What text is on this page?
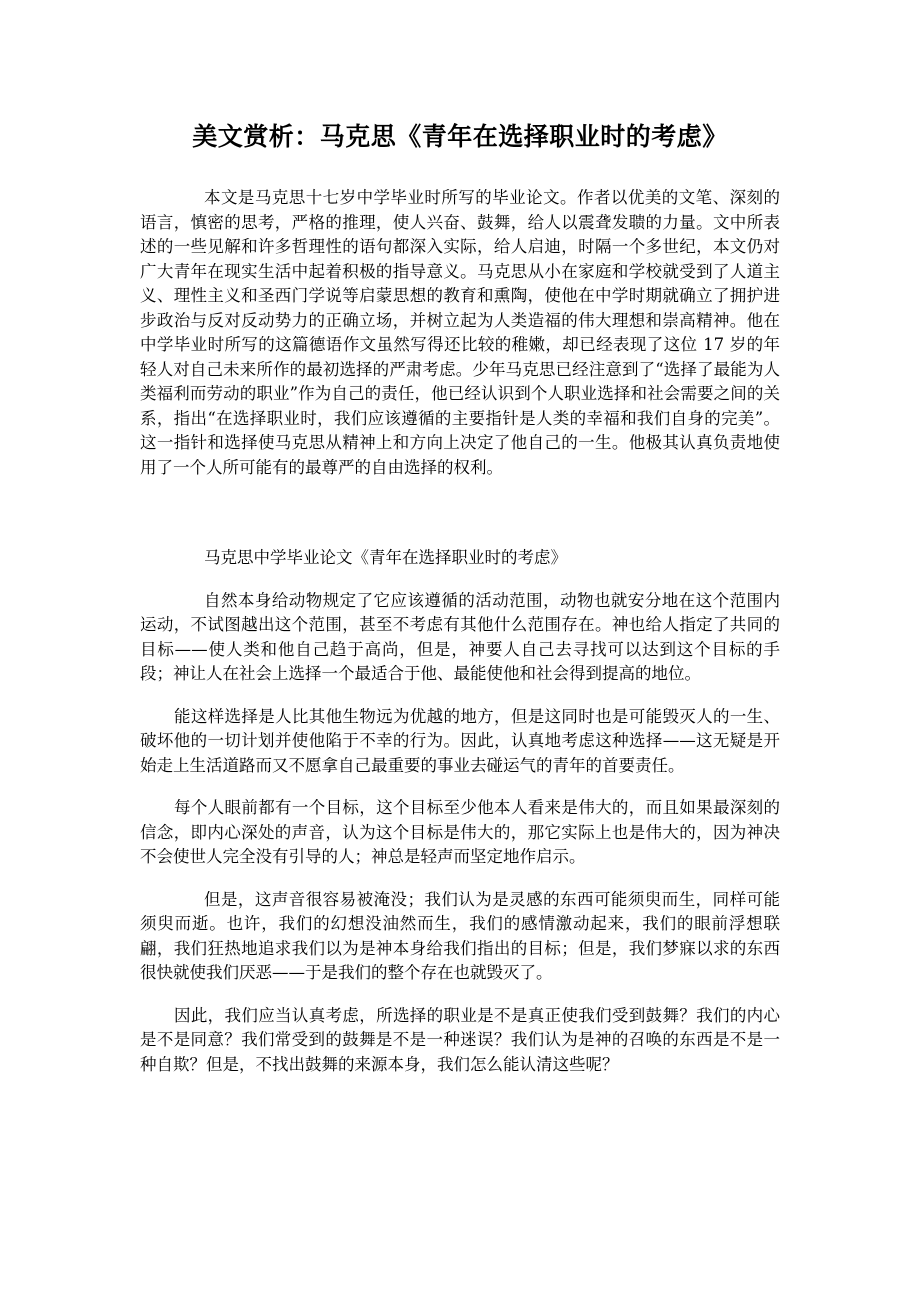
美文赏析：马克思《青年在选择职业时的考虑》

本文是马克思十七岁中学毕业时所写的毕业论文。作者以优美的文笔、深刻的语言，慎密的思考，严格的推理，使人兴奋、鼓舞，给人以震聋发聩的力量。文中所表述的一些见解和许多哲理性的语句都深入实际，给人启迪，时隔一个多世纪，本文仍对广大青年在现实生活中起着积极的指导意义。马克思从小在家庭和学校就受到了人道主义、理性主义和圣西门学说等启蒙思想的教育和熏陶，使他在中学时期就确立了拥护进步政治与反对反动势力的正确立场，并树立起为人类造福的伟大理想和崇高精神。他在中学毕业时所写的这篇德语作文虽然写得还比较的稚嫩，却已经表现了这位 17 岁的年轻人对自己未来所作的最初选择的严肃考虑。少年马克思已经注意到了“选择了最能为人类福利而劳动的职业”作为自己的责任，他已经认识到个人职业选择和社会需要之间的关系，指出“在选择职业时，我们应该遵循的主要指针是人类的幸福和我们自身的完美”。这一指针和选择使马克思从精神上和方向上决定了他自己的一生。他极其认真负责地使用了一个人所可能有的最尊严的自由选择的权利。

马克思中学毕业论文《青年在选择职业时的考虑》

自然本身给动物规定了它应该遵循的活动范围，动物也就安分地在这个范围内运动，不试图越出这个范围，甚至不考虑有其他什么范围存在。神也给人指定了共同的目标——使人类和他自己趋于高尚，但是，神要人自己去寻找可以达到这个目标的手段；神让人在社会上选择一个最适合于他、最能使他和社会得到提高的地位。

能这样选择是人比其他生物远为优越的地方，但是这同时也是可能毁灭人的一生、破坏他的一切计划并使他陷于不幸的行为。因此，认真地考虑这种选择——这无疑是开始走上生活道路而又不愿拿自己最重要的事业去碰运气的青年的首要责任。

每个人眼前都有一个目标，这个目标至少他本人看来是伟大的，而且如果最深刻的信念，即内心深处的声音，认为这个目标是伟大的，那它实际上也是伟大的，因为神决不会使世人完全没有引导的人；神总是轻声而坚定地作启示。

但是，这声音很容易被淹没；我们认为是灵感的东西可能须臾而生，同样可能须臾而逝。也许，我们的幻想没油然而生，我们的感情激动起来，我们的眼前浮想联翩，我们狂热地追求我们以为是神本身给我们指出的目标；但是，我们梦寐以求的东西很快就使我们厌恶——于是我们的整个存在也就毁灭了。

因此，我们应当认真考虑，所选择的职业是不是真正使我们受到鼓舞？我们的内心是不是同意？我们常受到的鼓舞是不是一种迷误？我们认为是神的召唤的东西是不是一种自欺？但是，不找出鼓舞的来源本身，我们怎么能认清这些呢？
